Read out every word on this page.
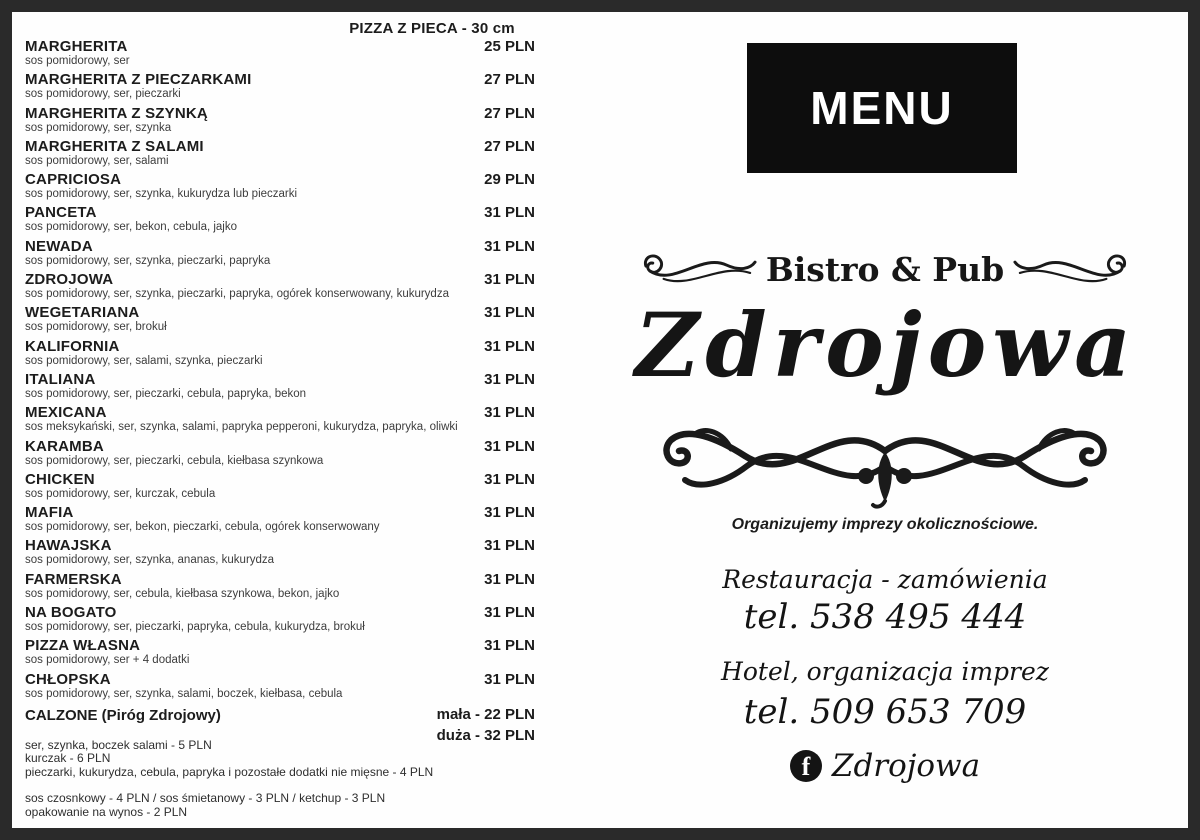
PIZZA Z PIECA - 30 cm
MARGHERITA
sos pomidorowy, ser
25 PLN
MARGHERITA Z PIECZARKAMI
sos pomidorowy, ser, pieczarki
27 PLN
MARGHERITA Z SZYNKĄ
sos pomidorowy, ser, szynka
27 PLN
MARGHERITA Z SALAMI
sos pomidorowy, ser, salami
27 PLN
CAPRICIOSA
sos pomidorowy, ser, szynka, kukurydza lub pieczarki
29 PLN
PANCETA
sos pomidorowy, ser, bekon, cebula, jajko
31 PLN
NEWADA
sos pomidorowy, ser, szynka, pieczarki, papryka
31 PLN
ZDROJOWA
sos pomidorowy, ser, szynka, pieczarki, papryka, ogórek konserwowany, kukurydza
31 PLN
WEGETARIANA
sos pomidorowy, ser, brokuł
31 PLN
KALIFORNIA
sos pomidorowy, ser, salami, szynka, pieczarki
31 PLN
ITALIANA
sos pomidorowy, ser, pieczarki, cebula, papryka, bekon
31 PLN
MEXICANA
sos meksykański, ser, szynka, salami, papryka pepperoni, kukurydza, papryka, oliwki
31 PLN
KARAMBA
sos pomidorowy, ser, pieczarki, cebula, kiełbasa szynkowa
31 PLN
CHICKEN
sos pomidorowy, ser, kurczak, cebula
31 PLN
MAFIA
sos pomidorowy, ser, bekon, pieczarki, cebula, ogórek konserwowany
31 PLN
HAWAJSKA
sos pomidorowy, ser, szynka, ananas, kukurydza
31 PLN
FARMERSKA
sos pomidorowy, ser, cebula, kiełbasa szynkowa, bekon, jajko
31 PLN
NA BOGATO
sos pomidorowy, ser, pieczarki, papryka, cebula, kukurydza, brokuł
31 PLN
PIZZA WŁASNA
sos pomidorowy, ser + 4 dodatki
31 PLN
CHŁOPSKA
sos pomidorowy, ser, szynka, salami, boczek, kiełbasa, cebula
31 PLN
CALZONE (Piróg Zdrojowy)	mała - 22 PLN
duża - 32 PLN
ser, szynka, boczek salami - 5 PLN
kurczak - 6 PLN
pieczarki, kukurydza, cebula, papryka i pozostałe dodatki nie mięsne - 4 PLN
sos czosnkowy - 4 PLN / sos śmietanowy - 3 PLN / ketchup - 3 PLN
opakowanie na wynos - 2 PLN
MENU
Bistro & Pub
Zdrojowa
Organizujemy imprezy okolicznościowe.
Restauracja - zamówienia
tel. 538 495 444
Hotel, organizacja imprez
tel. 509 653 709
f Zdrojowa
